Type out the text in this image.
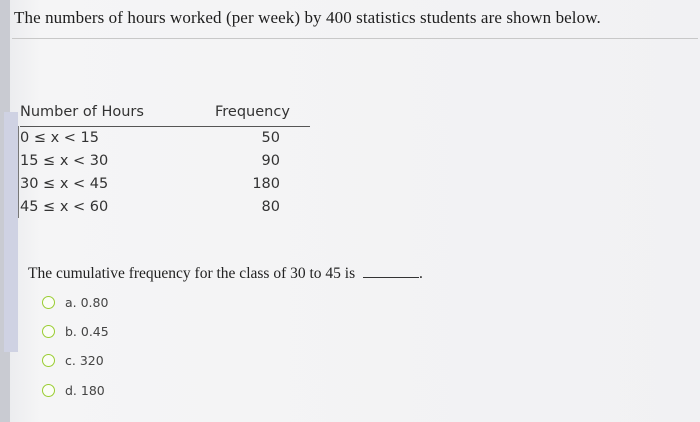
The numbers of hours worked (per week) by 400 statistics students are shown below.
Number of Hours	Frequency
0 ≤ x < 15	50
15 ≤ x < 30	90
30 ≤ x < 45	180
45 ≤ x < 60	80
The cumulative frequency for the class of 30 to 45 is	.
a. 0.80
b. 0.45
c. 320
d. 180
